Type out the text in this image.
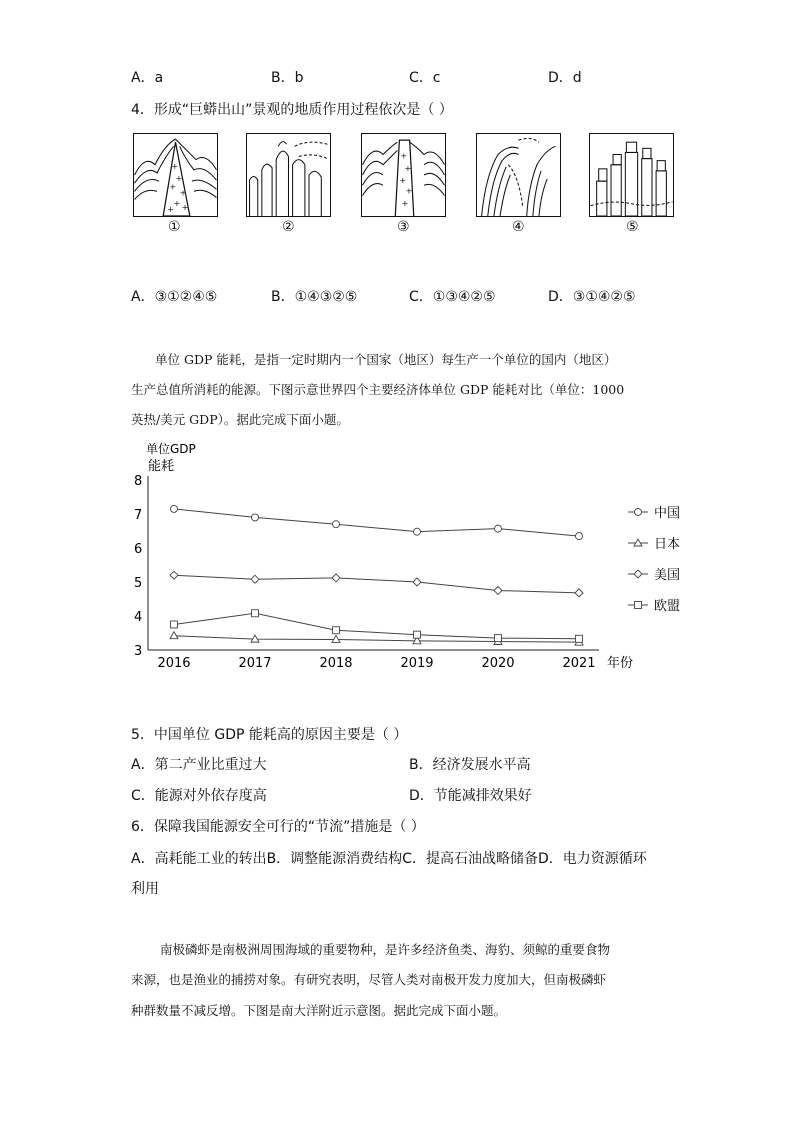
A．a	B．b	C．c	D．d
4．形成“巨蟒出山”景观的地质作用过程依次是（ ）
+
+
+
+
+ +
+
+
+
+
+
+
①	②	③	④	⑤
A．③①②④⑤	B．①④③②⑤	C．①③④②⑤	D．③①④②⑤
单位 GDP 能耗，是指一定时期内一个国家（地区）每生产一个单位的国内（地区）
生产总值所消耗的能源。下图示意世界四个主要经济体单位 GDP 能耗对比（单位：1000
英热/美元 GDP）。据此完成下面小题。
单位GDP
能耗
年份
3
4
5
6
7
8
2016	2017	2018	2019	2020	2021
中国
日本
美国
欧盟
5．中国单位 GDP 能耗高的原因主要是（ ）
A．第二产业比重过大	B．经济发展水平高
C．能源对外依存度高	D．节能减排效果好
6．保障我国能源安全可行的“节流”措施是（ ）
A．高耗能工业的转出B．调整能源消费结构C．提高石油战略储备D．电力资源循环
利用
南极磷虾是南极洲周围海域的重要物种，是许多经济鱼类、海豹、须鲸的重要食物
来源，也是渔业的捕捞对象。有研究表明，尽管人类对南极开发力度加大，但南极磷虾
种群数量不减反增。下图是南大洋附近示意图。据此完成下面小题。
